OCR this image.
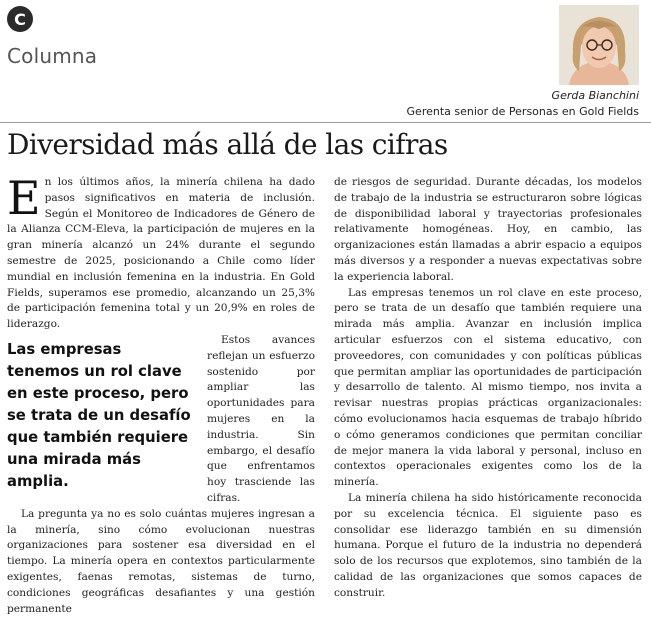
C
Columna
Gerda Bianchini
Gerenta senior de Personas en Gold Fields
Diversidad más allá de las cifras

En los últimos años, la minería chilena ha dado pasos significativos en materia de inclusión. Según el Monitoreo de Indicadores de Género de la Alianza CCM-Eleva, la participación de mujeres en la gran minería alcanzó un 24% durante el segundo semestre de 2025, posicionando a Chile como líder mundial en inclusión femenina en la industria. En Gold Fields, superamos ese promedio, alcanzando un 25,3% de participación femenina total y un 20,9% en roles de liderazgo.

Las empresas tenemos un rol clave en este proceso, pero se trata de un desafío que también requiere una mirada más amplia.

Estos avances reflejan un esfuerzo sostenido por ampliar las oportunidades para mujeres en la industria. Sin embargo, el desafío que enfrentamos hoy trasciende las cifras.

La pregunta ya no es solo cuántas mujeres ingresan a la minería, sino cómo evolucionan nuestras organizaciones para sostener esa diversidad en el tiempo. La minería opera en contextos particularmente exigentes, faenas remotas, sistemas de turno, condiciones geográficas desafiantes y una gestión permanente

de riesgos de seguridad. Durante décadas, los modelos de trabajo de la industria se estructuraron sobre lógicas de disponibilidad laboral y trayectorias profesionales relativamente homogéneas. Hoy, en cambio, las organizaciones están llamadas a abrir espacio a equipos más diversos y a responder a nuevas expectativas sobre la experiencia laboral.

Las empresas tenemos un rol clave en este proceso, pero se trata de un desafío que también requiere una mirada más amplia. Avanzar en inclusión implica articular esfuerzos con el sistema educativo, con proveedores, con comunidades y con políticas públicas que permitan ampliar las oportunidades de participación y desarrollo de talento. Al mismo tiempo, nos invita a revisar nuestras propias prácticas organizacionales: cómo evolucionamos hacia esquemas de trabajo híbrido o cómo generamos condiciones que permitan conciliar de mejor manera la vida laboral y personal, incluso en contextos operacionales exigentes como los de la minería.

La minería chilena ha sido históricamente reconocida por su excelencia técnica. El siguiente paso es consolidar ese liderazgo también en su dimensión humana. Porque el futuro de la industria no dependerá solo de los recursos que explotemos, sino también de la calidad de las organizaciones que somos capaces de construir.
